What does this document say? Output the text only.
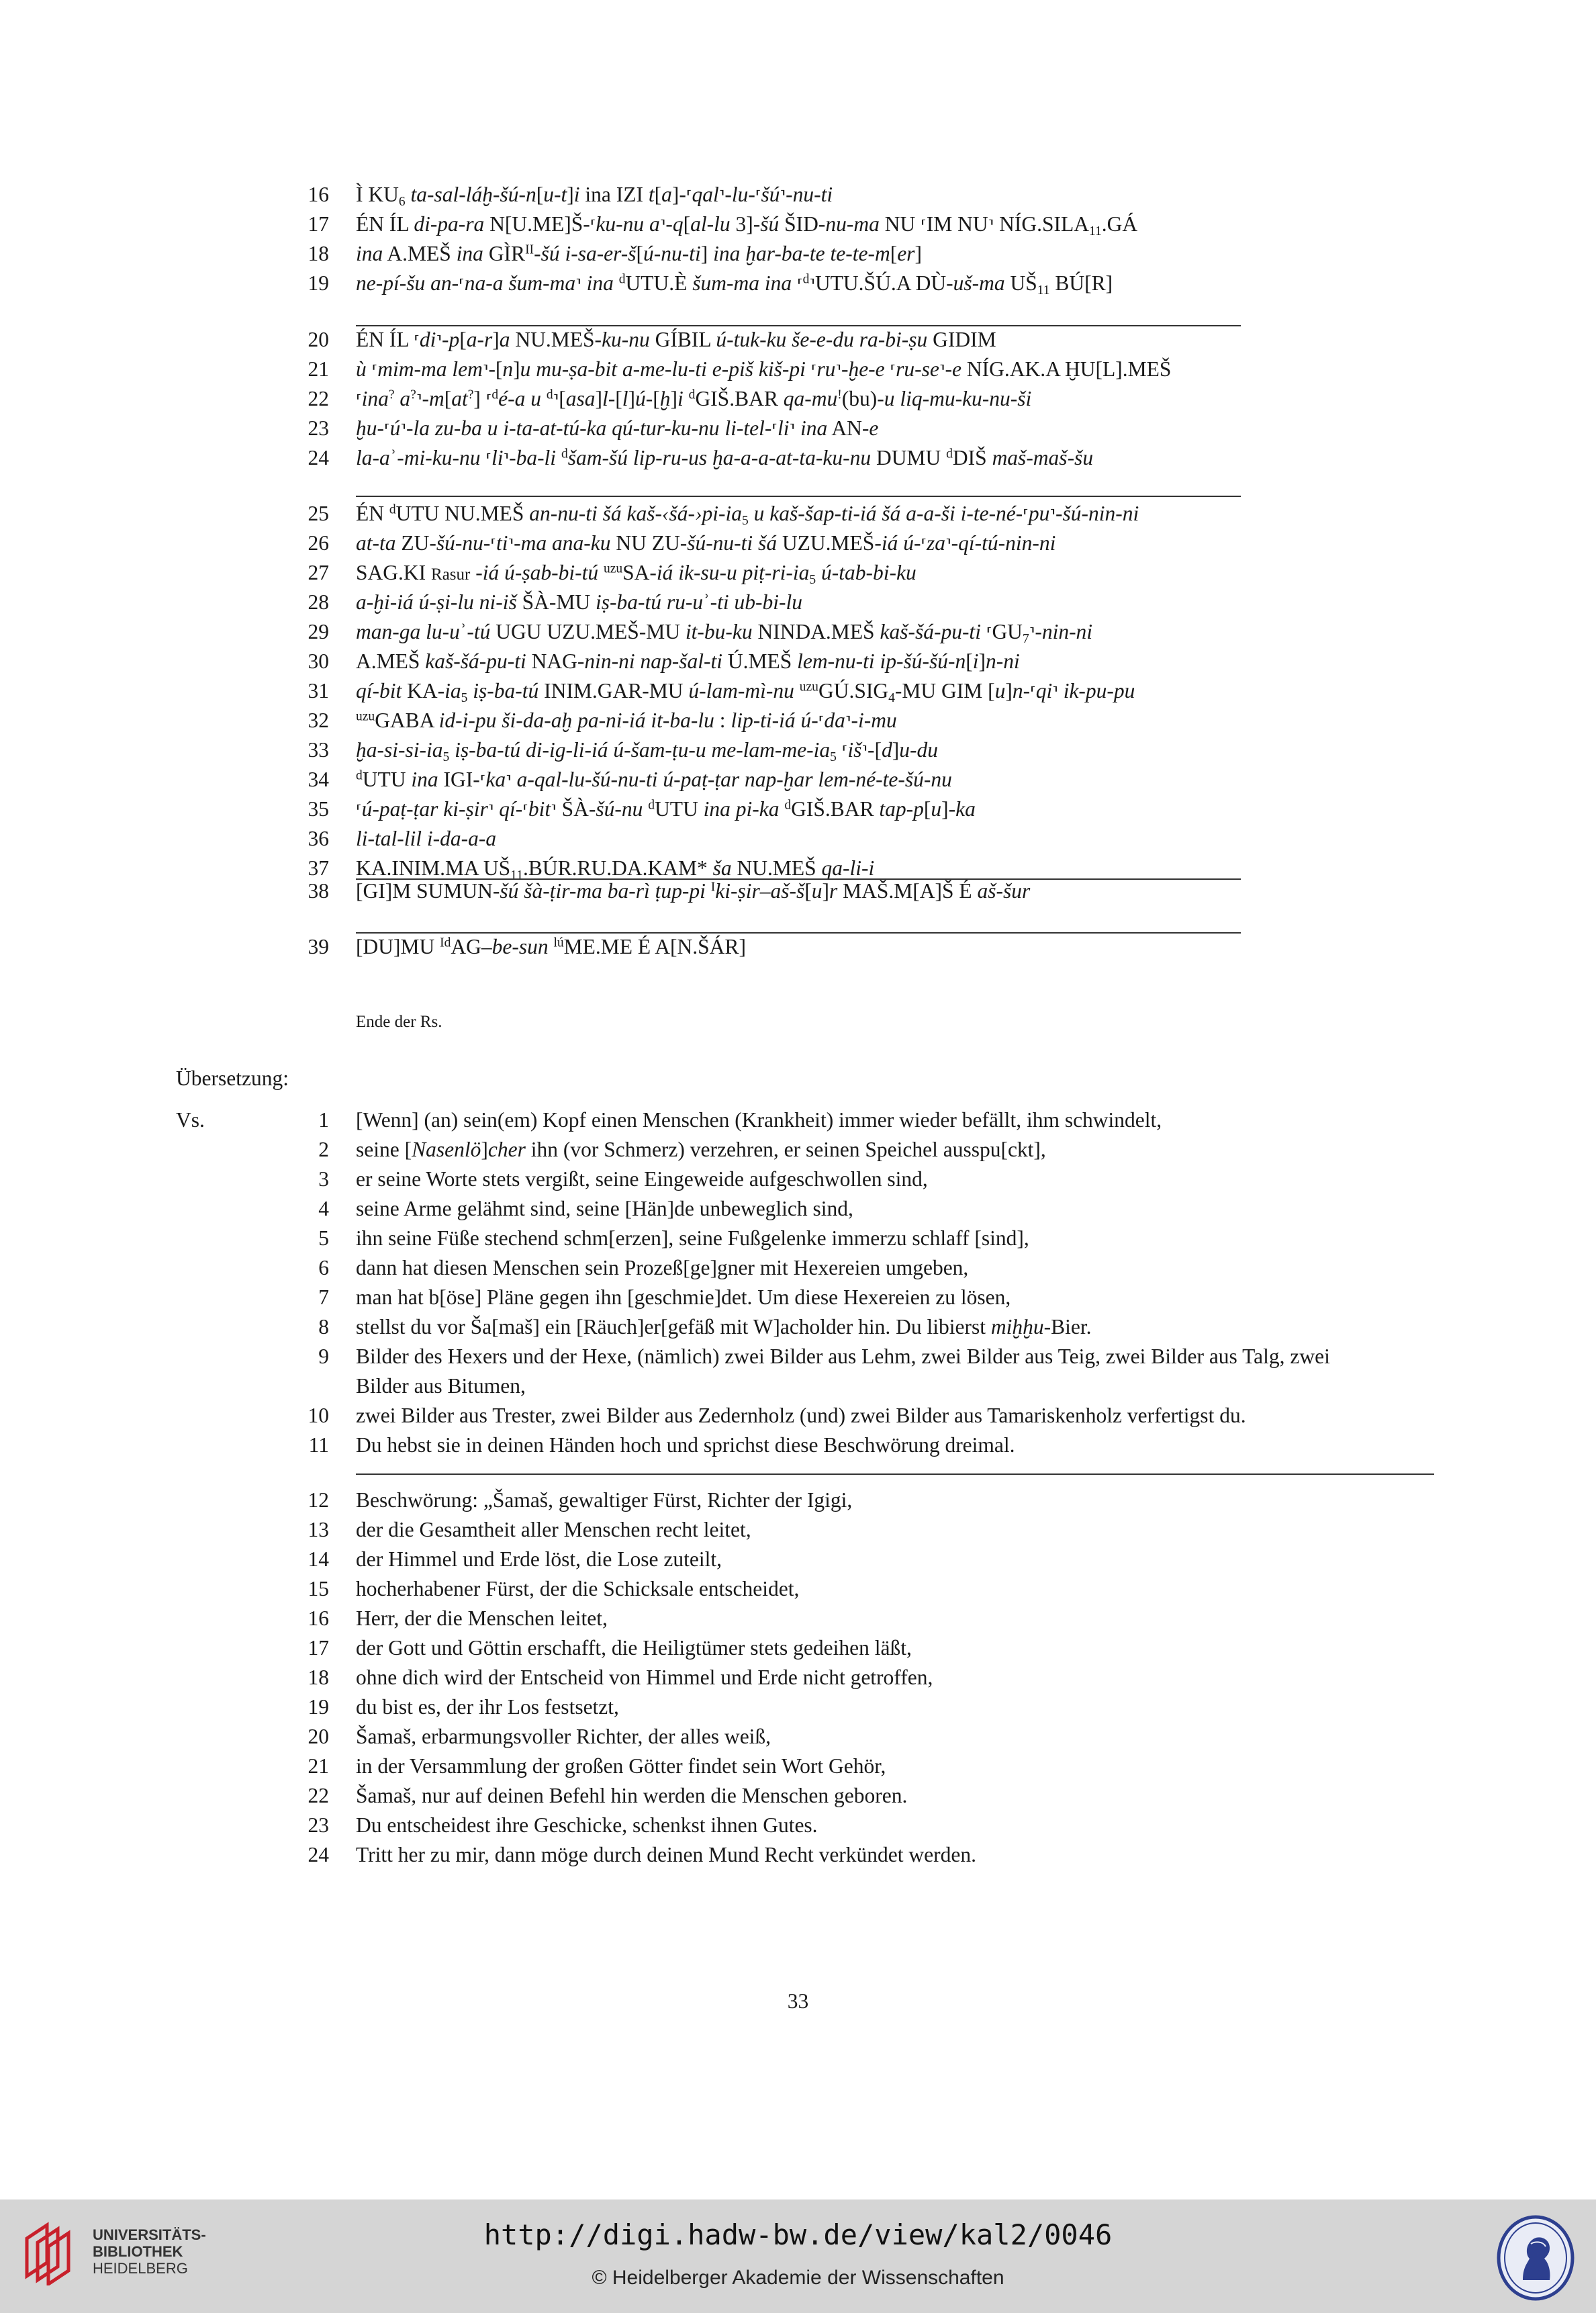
16 Ì $KU_6$ ta-sal-láḫ-šú-n[u-t]i ina IZI t[a]-⸢qal⸣-lu-⸢šú⸣-nu-ti
17 ÉN ÍL di-pa-ra N[U.ME]Š-⸢ku-nu a⸣-q[al-lu 3]-šú ŠID-nu-ma NU ⸢IM NU⸣ $NÍG.SILA_{11}.GÁ$
18 ina A.MEŠ ina $GÌR^{II}-šú$ i-sa-er-š[ú-nu-ti] ina ḫar-ba-te te-te-m[er]
19 ne-pí-šu an-⸢na-a šum-ma⸣ ina $^d$UTU.È šum-ma ina ⸢$^d$⸣UTU.ŠÚ.A DÙ-uš-ma $UŠ_{11}$ BÚ[R]
20 ÉN ÍL ⸢di⸣-p[a-r]a NU.MEŠ-ku-nu GÍBIL ú-tuk-ku še-e-du ra-bi-ṣu GIDIM
21 ù ⸢mim-ma lem⸣-[n]u mu-ṣa-bit a-me-lu-ti e-piš kiš-pi ⸢ru⸣-ḫe-e ⸢ru-se⸣-e NÍG.AK.A ḪU[L].MEŠ
22 ⸢ina? a?⸣-m[at?] ⸢$^d$é-a u $^d$⸣[asa]l-[l]ú-[ḫ]i $^d$GIŠ.BAR qa-mu!(bu)-u liq-mu-ku-nu-ši
23 ḫu-⸢ú⸣-la zu-ba u i-ta-at-tú-ka qú-tur-ku-nu li-tel-⸢li⸣ ina AN-e
24 la-aʾ-mi-ku-nu ⸢li⸣-ba-li $^d$šam-šú lip-ru-us ḫa-a-a-at-ta-ku-nu DUMU $^d$DIŠ maš-maš-šu
25 ÉN $^d$UTU NU.MEŠ an-nu-ti šá kaš-$‹šá-›pi-ia_5$ u kaš-šap-ti-iá šá a-a-ši i-te-né-⸢pu⸣-šú-nin-ni
26 at-ta ZU-šú-nu-⸢ti⸣-ma ana-ku NU ZU-šú-nu-ti šá UZU.MEŠ-iá ú-⸢za⸣-qí-tú-nin-ni
27 SAG.KI Rasur -iá ú-ṣab-bi-tú $^{uzu}$SA-iá ik-su-u piṭ-$ri-ia_5$ ú-tab-bi-ku
28 a-ḫi-iá ú-ṣi-lu ni-iš ŠÀ-MU iṣ-ba-tú ru-uʾ-ti ub-bi-lu
29 man-ga lu-uʾ-tú UGU UZU.MEŠ-MU it-bu-ku NINDA.MEŠ kaš-šá-pu-ti $⸢GU_7⸣-nin-ni$
30 A.MEŠ kaš-šá-pu-ti NAG-nin-ni nap-šal-ti Ú.MEŠ lem-nu-ti ip-šú-šú-n[i]n-ni
31 qí-bit $KA-ia_5$ iṣ-ba-tú INIM.GAR-MU ú-lam-mì-nu $^{uzu}GÚ.SIG_4-MU$ GIM [u]n-⸢qi⸣ ik-pu-pu
32 $^{uzu}$GABA id-i-pu ši-da-aḫ pa-ni-iá it-ba-lu : lip-ti-iá ú-⸢da⸣-i-mu
33 $ḫa-si-si-ia_5$ iṣ-ba-tú di-ig-li-iá ú-šam-ṭu-u $me-lam-me-ia_5$ ⸢iš⸣-[d]u-du
34 $^d$UTU ina IGI-⸢ka⸣ a-qal-lu-šú-nu-ti ú-paṭ-ṭar nap-ḫar lem-né-te-šú-nu
35 ⸢ú-paṭ-ṭar ki-ṣir⸣ qí-⸢bit⸣ ŠÀ-šú-nu $^d$UTU ina pi-ka $^d$GIŠ.BAR tap-p[u]-ka
36 li-tal-lil i-da-a-a
37 KA.INIM.MA $UŠ_{11}.BÚR.RU.DA.KAM*$ ša NU.MEŠ qa-li-i
38 [GI]M SUMUN-šú šà-ṭir-ma ba-rì ṭup-pi $^I$ki-ṣir–aš-š[u]r MAŠ.M[A]Š É aš-šur
39 [DU]MU $^{Id}$AG–be-sun $^{lú}$ME.ME É A[N.ŠÁR]
Ende der Rs.
Übersetzung:
Vs.	1 [Wenn] (an) sein(em) Kopf einen Menschen (Krankheit) immer wieder befällt, ihm schwindelt,
2 seine [Nasenlö]cher ihn (vor Schmerz) verzehren, er seinen Speichel ausspu[ckt],
3 er seine Worte stets vergißt, seine Eingeweide aufgeschwollen sind,
4 seine Arme gelähmt sind, seine [Hän]de unbeweglich sind,
5 ihn seine Füße stechend schm[erzen], seine Fußgelenke immerzu schlaff [sind],
6 dann hat diesen Menschen sein Prozeß[ge]gner mit Hexereien umgeben,
7 man hat b[öse] Pläne gegen ihn [geschmie]det. Um diese Hexereien zu lösen,
8 stellst du vor Ša[maš] ein [Räuch]er[gefäß mit W]acholder hin. Du libierst miḫḫu-Bier.
9 Bilder des Hexers und der Hexe, (nämlich) zwei Bilder aus Lehm, zwei Bilder aus Teig, zwei Bilder aus Talg, zwei
Bilder aus Bitumen,
10 zwei Bilder aus Trester, zwei Bilder aus Zedernholz (und) zwei Bilder aus Tamariskenholz verfertigst du.
11 Du hebst sie in deinen Händen hoch und sprichst diese Beschwörung dreimal.
12 Beschwörung: „Šamaš, gewaltiger Fürst, Richter der Igigi,
13 der die Gesamtheit aller Menschen recht leitet,
14 der Himmel und Erde löst, die Lose zuteilt,
15 hocherhabener Fürst, der die Schicksale entscheidet,
16 Herr, der die Menschen leitet,
17 der Gott und Göttin erschafft, die Heiligtümer stets gedeihen läßt,
18 ohne dich wird der Entscheid von Himmel und Erde nicht getroffen,
19 du bist es, der ihr Los festsetzt,
20 Šamaš, erbarmungsvoller Richter, der alles weiß,
21 in der Versammlung der großen Götter findet sein Wort Gehör,
22 Šamaš, nur auf deinen Befehl hin werden die Menschen geboren.
23 Du entscheidest ihre Geschicke, schenkst ihnen Gutes.
24 Tritt her zu mir, dann möge durch deinen Mund Recht verkündet werden.
33
UNIVERSITÄTS-
BIBLIOTHEK
HEIDELBERG
http://digi.hadw-bw.de/view/kal2/0046
© Heidelberger Akademie der Wissenschaften
